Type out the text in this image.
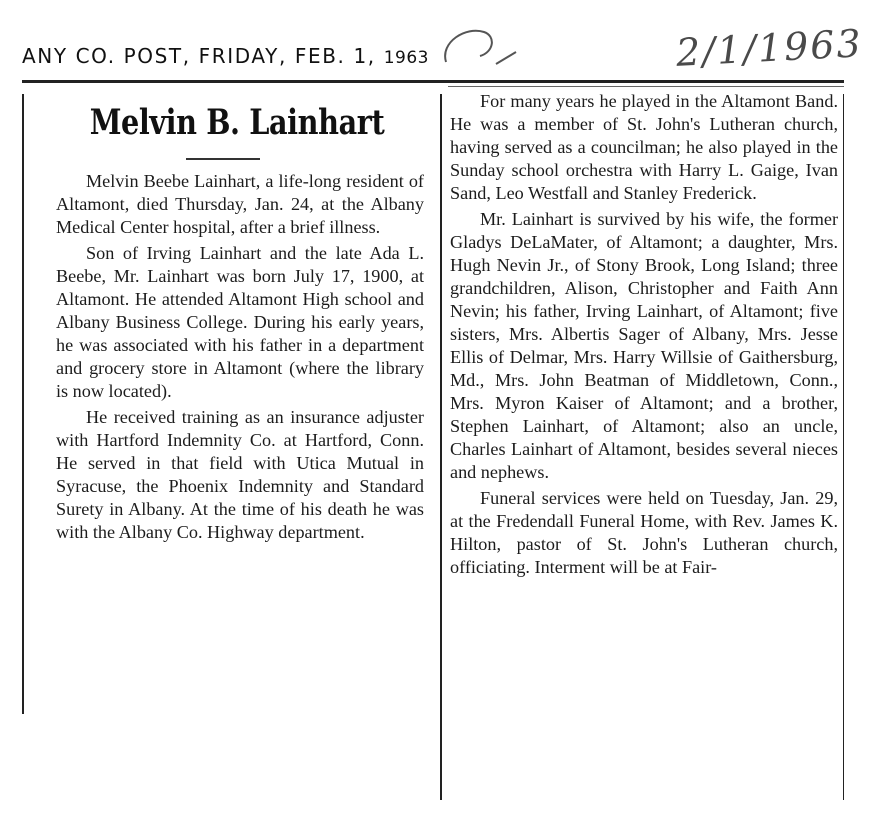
ANY CO. POST, FRIDAY, FEB. 1, 1963	2/1/1963
Melvin B. Lainhart

Melvin Beebe Lainhart, a life-long resident of Altamont, died Thursday, Jan. 24, at the Albany Medical Center hospital, after a brief illness.

Son of Irving Lainhart and the late Ada L. Beebe, Mr. Lainhart was born July 17, 1900, at Altamont. He attended Altamont High school and Albany Business College. During his early years, he was associated with his father in a department and grocery store in Altamont (where the library is now located).

He received training as an insurance adjuster with Hartford Indemnity Co. at Hartford, Conn. He served in that field with Utica Mutual in Syracuse, the Phoenix Indemnity and Standard Surety in Albany. At the time of his death he was with the Albany Co. Highway department.

For many years he played in the Altamont Band. He was a member of St. John's Lutheran church, having served as a councilman; he also played in the Sunday school orchestra with Harry L. Gaige, Ivan Sand, Leo Westfall and Stanley Frederick.

Mr. Lainhart is survived by his wife, the former Gladys DeLaMater, of Altamont; a daughter, Mrs. Hugh Nevin Jr., of Stony Brook, Long Island; three grandchildren, Alison, Christopher and Faith Ann Nevin; his father, Irving Lainhart, of Altamont; five sisters, Mrs. Albertis Sager of Albany, Mrs. Jesse Ellis of Delmar, Mrs. Harry Willsie of Gaithersburg, Md., Mrs. John Beatman of Middletown, Conn., Mrs. Myron Kaiser of Altamont; and a brother, Stephen Lainhart, of Altamont; also an uncle, Charles Lainhart of Altamont, besides several nieces and nephews.

Funeral services were held on Tuesday, Jan. 29, at the Fredendall Funeral Home, with Rev. James K. Hilton, pastor of St. John's Lutheran church, officiating. Interment will be at Fair-
